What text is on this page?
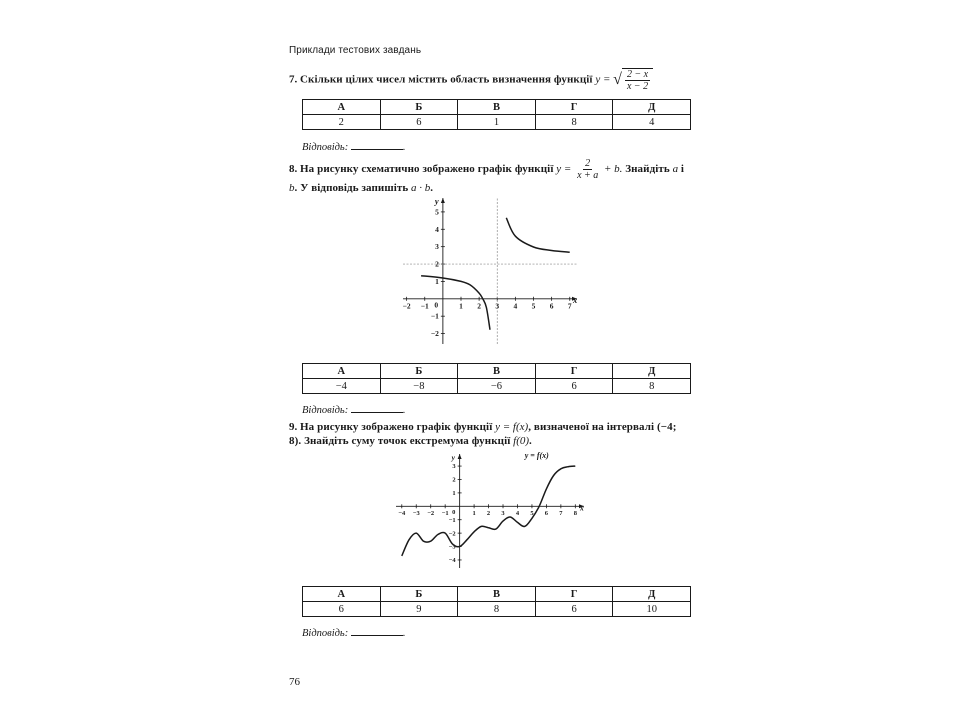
Приклади тестових завдань
7. Скільки цілих чисел містить область визначення функції y = √ $\frac{2 - x}{x - 2}$
А	Б	В	Г	Д
2	6	1	8	4
Відповідь:	.
8. На рисунку схематично зображено графік функції $y = \frac{2}{x + a} + b$. Знайдіть a і b. У відповідь запишіть a · b.
x
y
0
−2 −1	1 2 3 4 5 6 7
−2
−1
1
2
3
4
5
А	Б	В	Г	Д
−4	−8	−6	6	8
Відповідь:	.
9. На рисунку зображено графік функції y = f(x), визначеної на інтервалі (−4; 8). Знайдіть суму точок екстремума функції f(0).
x
y
0
−4 −3 −2 −1	1 2 3 4 5 6 7 8
−4
−3
−2
−1
1
2
3
y = f(x)
А	Б	В	Г	Д
6	9	8	6	10
Відповідь:	.
76
